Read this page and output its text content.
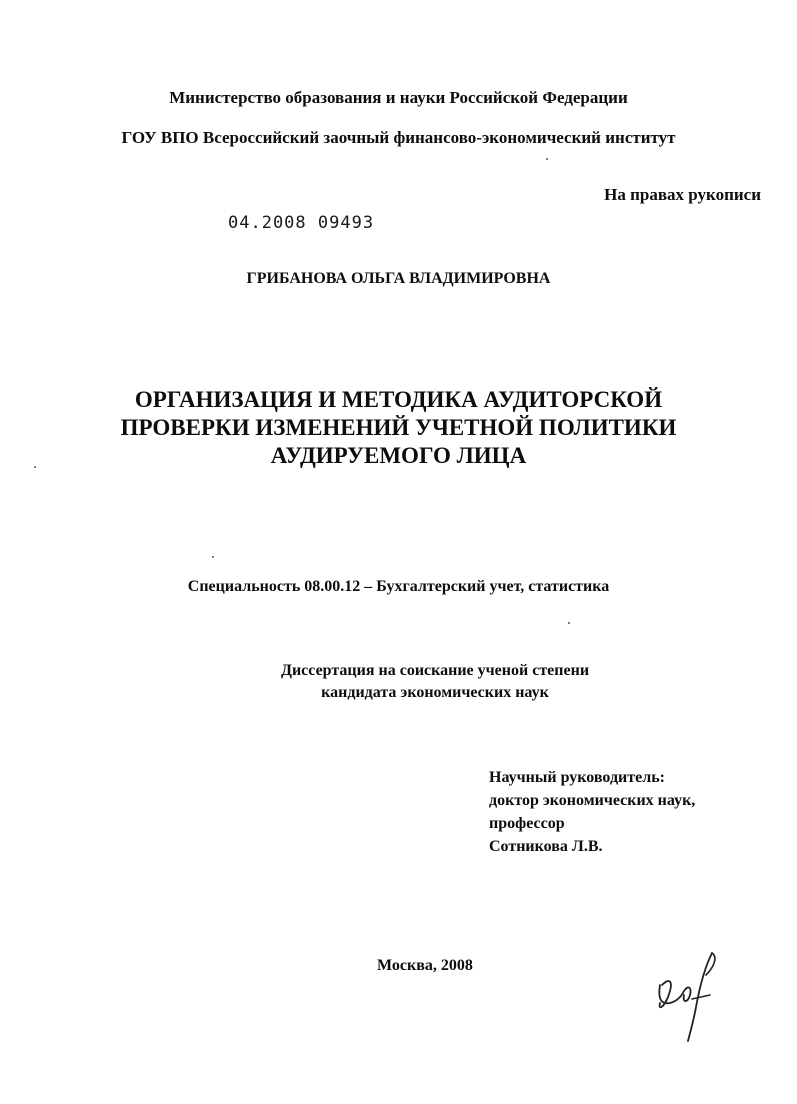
Министерство образования и науки Российской Федерации
ГОУ ВПО Всероссийский заочный финансово-экономический институт
На правах рукописи
04.2008 09493
ГРИБАНОВА ОЛЬГА ВЛАДИМИРОВНА
ОРГАНИЗАЦИЯ И МЕТОДИКА АУДИТОРСКОЙ
ПРОВЕРКИ ИЗМЕНЕНИЙ УЧЕТНОЙ ПОЛИТИКИ
АУДИРУЕМОГО ЛИЦА
Специальность 08.00.12 – Бухгалтерский учет, статистика
Диссертация на соискание ученой степени
кандидата экономических наук
Научный руководитель:
доктор экономических наук,
профессор
Сотникова Л.В.
Москва, 2008
